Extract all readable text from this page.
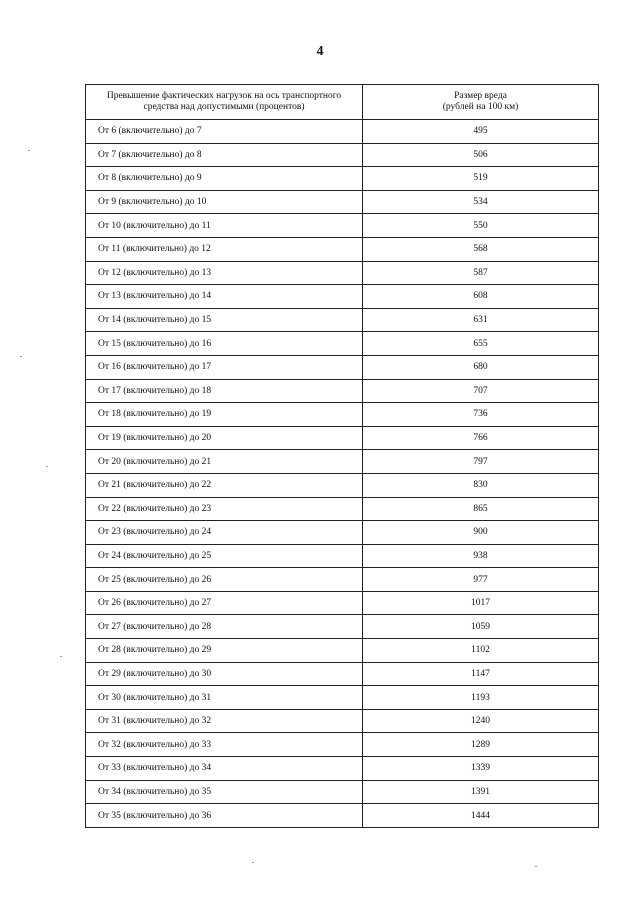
4
Превышение фактических нагрузок на ось транспортного
средства над допустимыми (процентов)	Размер вреда
(рублей на 100 км)

От 6 (включительно) до 7	495
От 7 (включительно) до 8	506
От 8 (включительно) до 9	519
От 9 (включительно) до 10	534
От 10 (включительно) до 11	550
От 11 (включительно) до 12	568
От 12 (включительно) до 13	587
От 13 (включительно) до 14	608
От 14 (включительно) до 15	631
От 15 (включительно) до 16	655
От 16 (включительно) до 17	680
От 17 (включительно) до 18	707
От 18 (включительно) до 19	736
От 19 (включительно) до 20	766
От 20 (включительно) до 21	797
От 21 (включительно) до 22	830
От 22 (включительно) до 23	865
От 23 (включительно) до 24	900
От 24 (включительно) до 25	938
От 25 (включительно) до 26	977
От 26 (включительно) до 27	1017
От 27 (включительно) до 28	1059
От 28 (включительно) до 29	1102
От 29 (включительно) до 30	1147
От 30 (включительно) до 31	1193
От 31 (включительно) до 32	1240
От 32 (включительно) до 33	1289
От 33 (включительно) до 34	1339
От 34 (включительно) до 35	1391
От 35 (включительно) до 36	1444
